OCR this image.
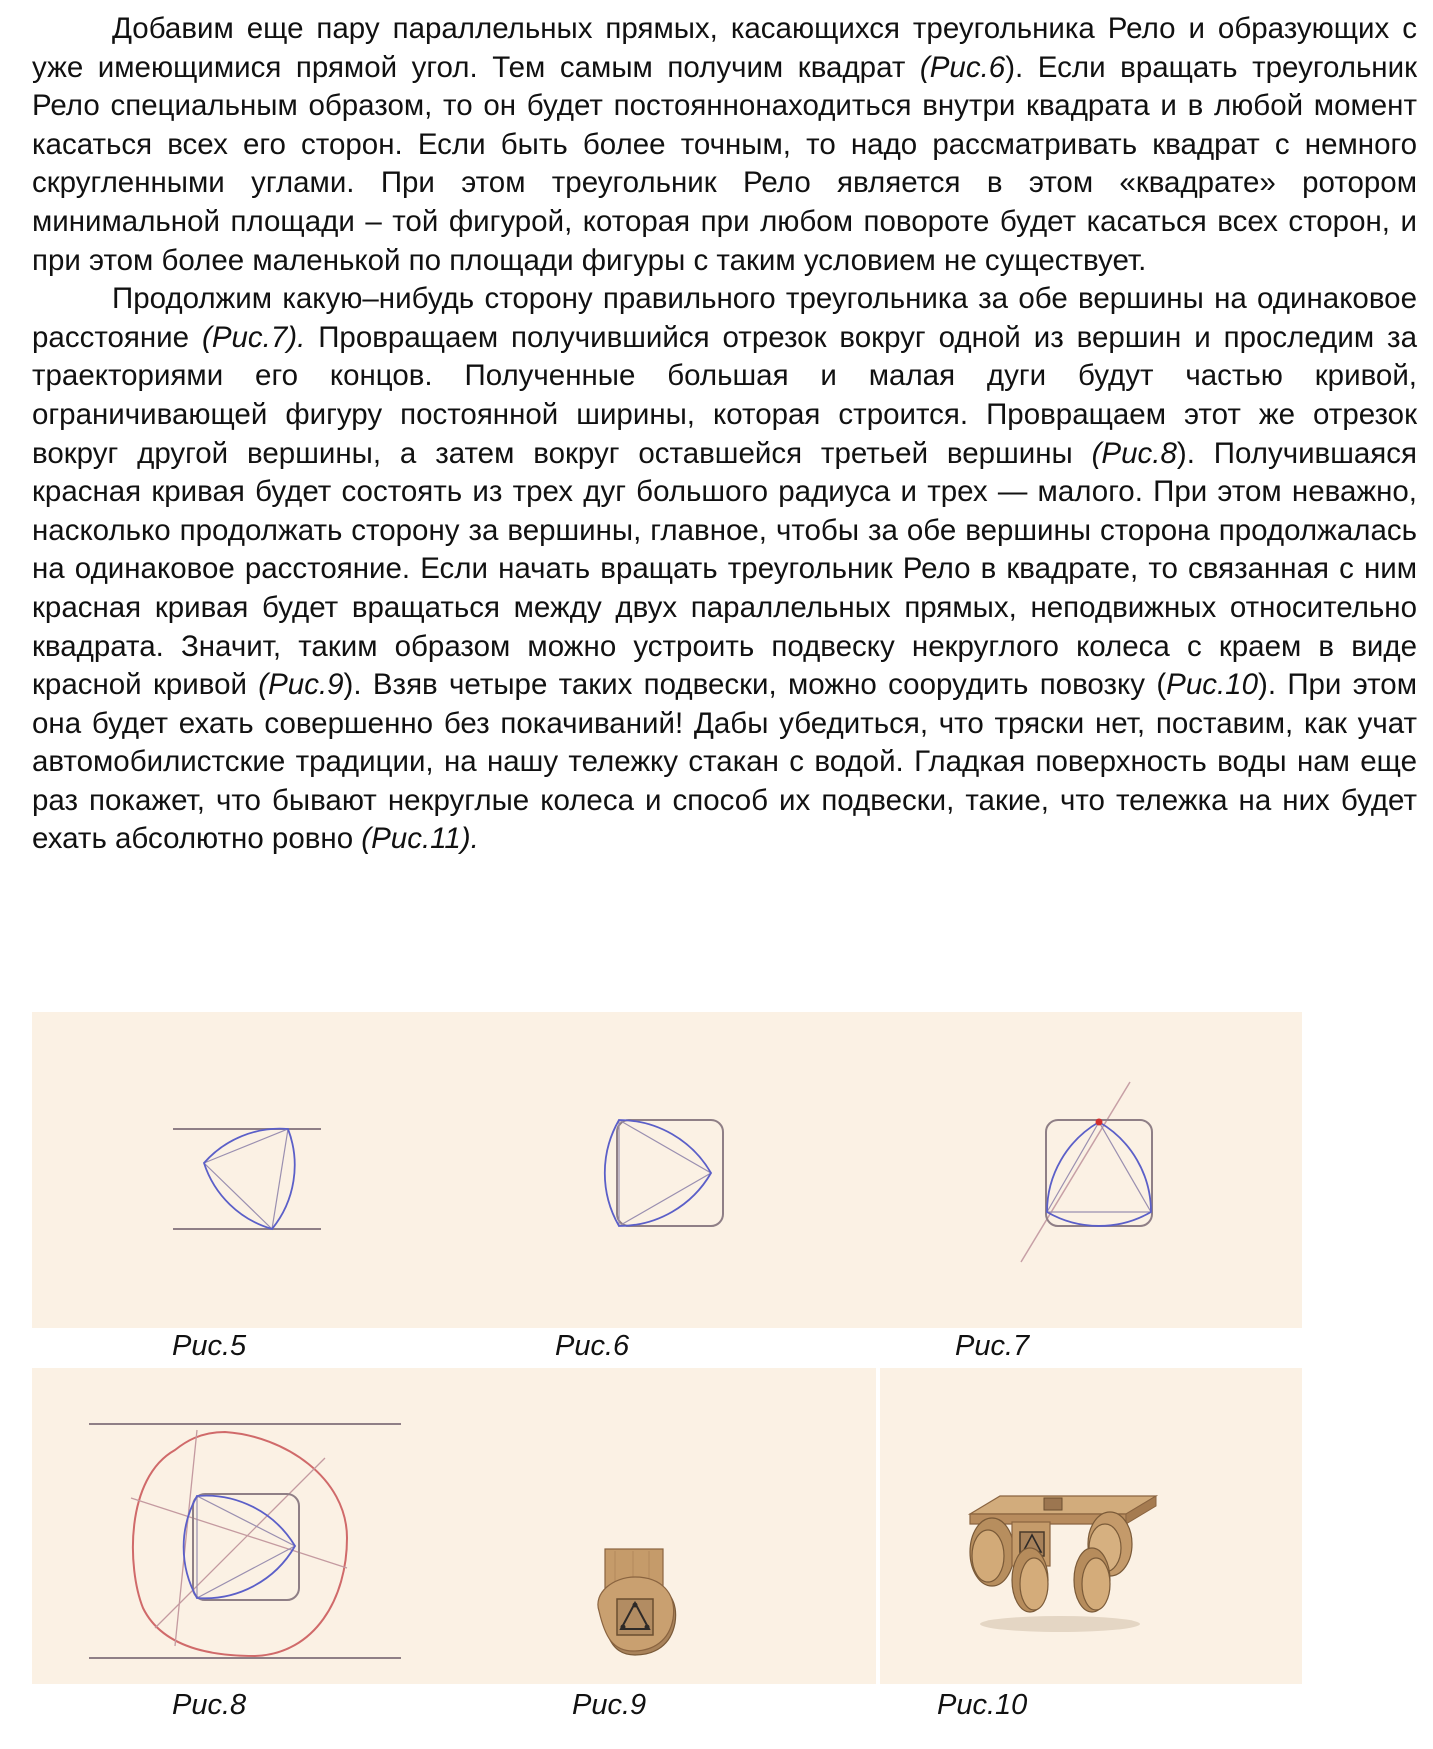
Добавим еще пару параллельных прямых, касающихся треугольника Рело и образующих с уже имеющимися прямой угол. Тем самым получим квадрат (Рис.6). Если вращать треугольник Рело специальным образом, то он будет постояннонаходиться внутри квадрата и в любой момент касаться всех его сторон. Если быть более точным, то надо рассматривать квадрат с немного скругленными углами. При этом треугольник Рело является в этом «квадрате» ротором минимальной площади – той фигурой, которая при любом повороте будет касаться всех сторон, и при этом более маленькой по площади фигуры с таким условием не существует.

Продолжим какую–нибудь сторону правильного треугольника за обе вершины на одинаковое расстояние (Рис.7). Провращаем получившийся отрезок вокруг одной из вершин и проследим за траекториями его концов. Полученные большая и малая дуги будут частью кривой, ограничивающей фигуру постоянной ширины, которая строится. Провращаем этот же отрезок вокруг другой вершины, а затем вокруг оставшейся третьей вершины (Рис.8). Получившаяся красная кривая будет состоять из трех дуг большого радиуса и трех — малого. При этом неважно, насколько продолжать сторону за вершины, главное, чтобы за обе вершины сторона продолжалась на одинаковое расстояние. Если начать вращать треугольник Рело в квадрате, то связанная с ним красная кривая будет вращаться между двух параллельных прямых, неподвижных относительно квадрата. Значит, таким образом можно устроить подвеску некруглого колеса с краем в виде красной кривой (Рис.9). Взяв четыре таких подвески, можно соорудить повозку (Рис.10). При этом она будет ехать совершенно без покачиваний! Дабы убедиться, что тряски нет, поставим, как учат автомобилистские традиции, на нашу тележку стакан с водой. Гладкая поверхность воды нам еще раз покажет, что бывают некруглые колеса и способ их подвески, такие, что тележка на них будет ехать абсолютно ровно (Рис.11).

Рис.5	Рис.6	Рис.7
Рис.8	Рис.9	Рис.10
